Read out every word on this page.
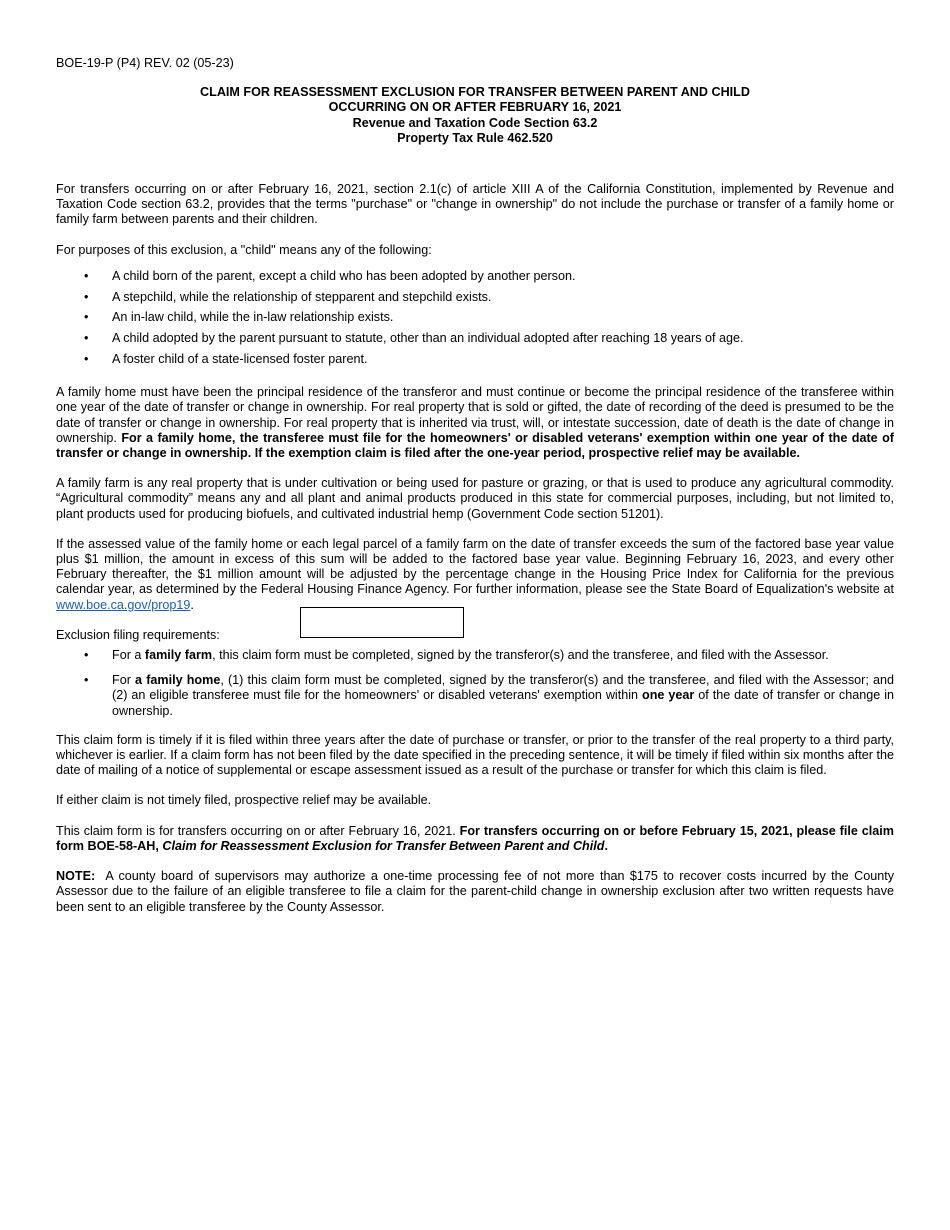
BOE-19-P (P4) REV. 02 (05-23)
CLAIM FOR REASSESSMENT EXCLUSION FOR TRANSFER BETWEEN PARENT AND CHILD
OCCURRING ON OR AFTER FEBRUARY 16, 2021
Revenue and Taxation Code Section 63.2
Property Tax Rule 462.520

For transfers occurring on or after February 16, 2021, section 2.1(c) of article XIII A of the California Constitution, implemented by Revenue and Taxation Code section 63.2, provides that the terms "purchase" or "change in ownership" do not include the purchase or transfer of a family home or family farm between parents and their children.

For purposes of this exclusion, a "child" means any of the following:

• A child born of the parent, except a child who has been adopted by another person.
• A stepchild, while the relationship of stepparent and stepchild exists.
• An in-law child, while the in-law relationship exists.
• A child adopted by the parent pursuant to statute, other than an individual adopted after reaching 18 years of age.
• A foster child of a state-licensed foster parent.

A family home must have been the principal residence of the transferor and must continue or become the principal residence of the transferee within one year of the date of transfer or change in ownership. For real property that is sold or gifted, the date of recording of the deed is presumed to be the date of transfer or change in ownership. For real property that is inherited via trust, will, or intestate succession, date of death is the date of change in ownership. For a family home, the transferee must file for the homeowners' or disabled veterans' exemption within one year of the date of transfer or change in ownership. If the exemption claim is filed after the one-year period, prospective relief may be available.

A family farm is any real property that is under cultivation or being used for pasture or grazing, or that is used to produce any agricultural commodity. “Agricultural commodity” means any and all plant and animal products produced in this state for commercial purposes, including, but not limited to, plant products used for producing biofuels, and cultivated industrial hemp (Government Code section 51201).

If the assessed value of the family home or each legal parcel of a family farm on the date of transfer exceeds the sum of the factored base year value plus $1 million, the amount in excess of this sum will be added to the factored base year value. Beginning February 16, 2023, and every other February thereafter, the $1 million amount will be adjusted by the percentage change in the Housing Price Index for California for the previous calendar year, as determined by the Federal Housing Finance Agency. For further information, please see the State Board of Equalization's website at www.boe.ca.gov/prop19.

Exclusion filing requirements:

• For a family farm, this claim form must be completed, signed by the transferor(s) and the transferee, and filed with the Assessor.
• For a family home, (1) this claim form must be completed, signed by the transferor(s) and the transferee, and filed with the Assessor; and (2) an eligible transferee must file for the homeowners' or disabled veterans' exemption within one year of the date of transfer or change in ownership.

This claim form is timely if it is filed within three years after the date of purchase or transfer, or prior to the transfer of the real property to a third party, whichever is earlier. If a claim form has not been filed by the date specified in the preceding sentence, it will be timely if filed within six months after the date of mailing of a notice of supplemental or escape assessment issued as a result of the purchase or transfer for which this claim is filed.

If either claim is not timely filed, prospective relief may be available.

This claim form is for transfers occurring on or after February 16, 2021. For transfers occurring on or before February 15, 2021, please file claim form BOE-58-AH, Claim for Reassessment Exclusion for Transfer Between Parent and Child.

NOTE:  A county board of supervisors may authorize a one-time processing fee of not more than $175 to recover costs incurred by the County Assessor due to the failure of an eligible transferee to file a claim for the parent-child change in ownership exclusion after two written requests have been sent to an eligible transferee by the County Assessor.
